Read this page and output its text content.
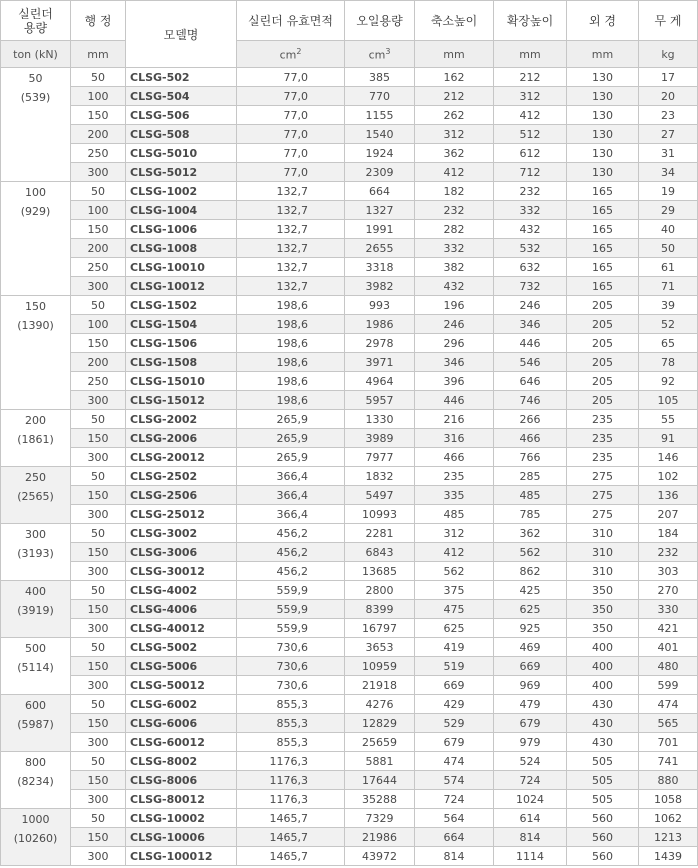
실린더
용량	행 정	모델명	실린더 유효면적	오일용량	축소높이	확장높이	외 경	무 게
ton (kN)	mm		$cm^2$	$cm^3$	mm	mm	mm	kg

50
(539)	50	CLSG-502	77,0	385	162	212	130	17
	100	CLSG-504	77,0	770	212	312	130	20
	150	CLSG-506	77,0	1155	262	412	130	23
	200	CLSG-508	77,0	1540	312	512	130	27
	250	CLSG-5010	77,0	1924	362	612	130	31
	300	CLSG-5012	77,0	2309	412	712	130	34

100
(929)	50	CLSG-1002	132,7	664	182	232	165	19
	100	CLSG-1004	132,7	1327	232	332	165	29
	150	CLSG-1006	132,7	1991	282	432	165	40
	200	CLSG-1008	132,7	2655	332	532	165	50
	250	CLSG-10010	132,7	3318	382	632	165	61
	300	CLSG-10012	132,7	3982	432	732	165	71

150
(1390)	50	CLSG-1502	198,6	993	196	246	205	39
	100	CLSG-1504	198,6	1986	246	346	205	52
	150	CLSG-1506	198,6	2978	296	446	205	65
	200	CLSG-1508	198,6	3971	346	546	205	78
	250	CLSG-15010	198,6	4964	396	646	205	92
	300	CLSG-15012	198,6	5957	446	746	205	105

200
(1861)	50	CLSG-2002	265,9	1330	216	266	235	55
	150	CLSG-2006	265,9	3989	316	466	235	91
	300	CLSG-20012	265,9	7977	466	766	235	146

250
(2565)	50	CLSG-2502	366,4	1832	235	285	275	102
	150	CLSG-2506	366,4	5497	335	485	275	136
	300	CLSG-25012	366,4	10993	485	785	275	207

300
(3193)	50	CLSG-3002	456,2	2281	312	362	310	184
	150	CLSG-3006	456,2	6843	412	562	310	232
	300	CLSG-30012	456,2	13685	562	862	310	303

400
(3919)	50	CLSG-4002	559,9	2800	375	425	350	270
	150	CLSG-4006	559,9	8399	475	625	350	330
	300	CLSG-40012	559,9	16797	625	925	350	421

500
(5114)	50	CLSG-5002	730,6	3653	419	469	400	401
	150	CLSG-5006	730,6	10959	519	669	400	480
	300	CLSG-50012	730,6	21918	669	969	400	599

600
(5987)	50	CLSG-6002	855,3	4276	429	479	430	474
	150	CLSG-6006	855,3	12829	529	679	430	565
	300	CLSG-60012	855,3	25659	679	979	430	701

800
(8234)	50	CLSG-8002	1176,3	5881	474	524	505	741
	150	CLSG-8006	1176,3	17644	574	724	505	880
	300	CLSG-80012	1176,3	35288	724	1024	505	1058

1000
(10260)	50	CLSG-10002	1465,7	7329	564	614	560	1062
	150	CLSG-10006	1465,7	21986	664	814	560	1213
	300	CLSG-100012	1465,7	43972	814	1114	560	1439
